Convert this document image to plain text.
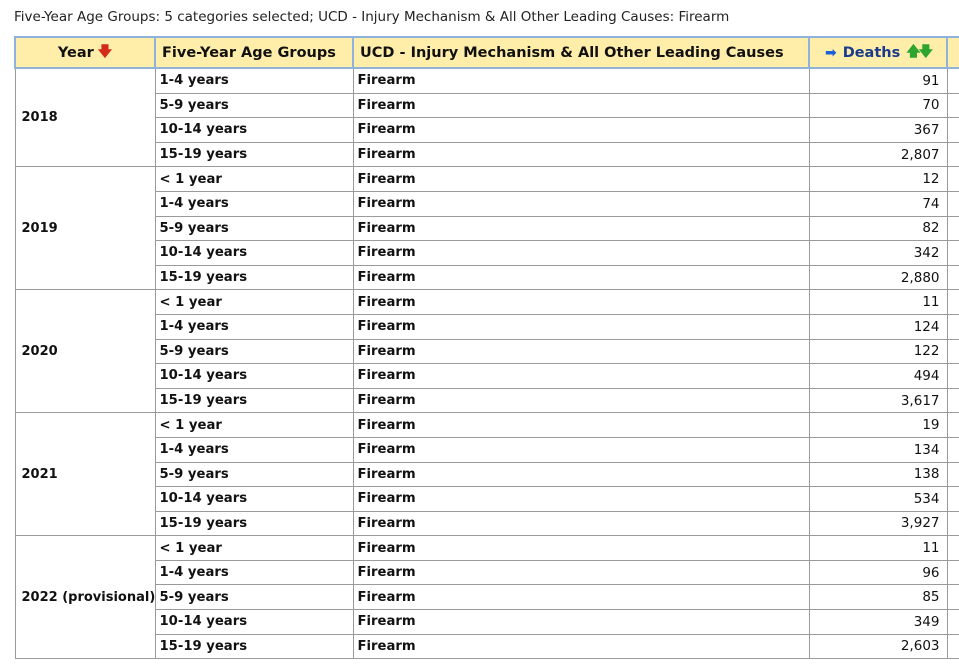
Five-Year Age Groups: 5 categories selected; UCD - Injury Mechanism & All Other Leading Causes: Firearm
Year 🡇	Five-Year Age Groups	UCD - Injury Mechanism & All Other Leading Causes	➡ Deaths 🡅🡇	
2018	1-4 years	Firearm	91	
	5-9 years	Firearm	70	
	10-14 years	Firearm	367	
	15-19 years	Firearm	2,807	
2019	< 1 year	Firearm	12	
	1-4 years	Firearm	74	
	5-9 years	Firearm	82	
	10-14 years	Firearm	342	
	15-19 years	Firearm	2,880	
2020	< 1 year	Firearm	11	
	1-4 years	Firearm	124	
	5-9 years	Firearm	122	
	10-14 years	Firearm	494	
	15-19 years	Firearm	3,617	
2021	< 1 year	Firearm	19	
	1-4 years	Firearm	134	
	5-9 years	Firearm	138	
	10-14 years	Firearm	534	
	15-19 years	Firearm	3,927	
2022 (provisional)	< 1 year	Firearm	11	
	1-4 years	Firearm	96	
	5-9 years	Firearm	85	
	10-14 years	Firearm	349	
	15-19 years	Firearm	2,603	
